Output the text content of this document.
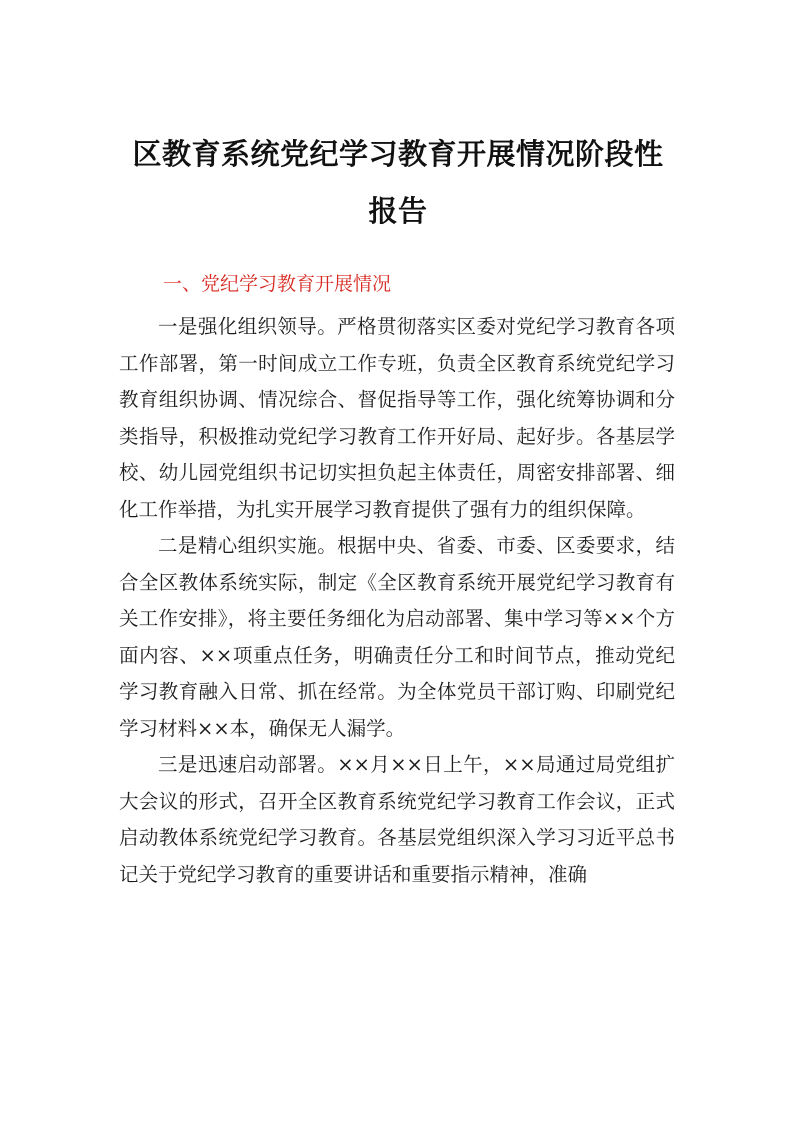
区教育系统党纪学习教育开展情况阶段性报告
一、党纪学习教育开展情况

一是强化组织领导。严格贯彻落实区委对党纪学习教育各项工作部署，第一时间成立工作专班，负责全区教育系统党纪学习教育组织协调、情况综合、督促指导等工作，强化统筹协调和分类指导，积极推动党纪学习教育工作开好局、起好步。各基层学校、幼儿园党组织书记切实担负起主体责任，周密安排部署、细化工作举措，为扎实开展学习教育提供了强有力的组织保障。

二是精心组织实施。根据中央、省委、市委、区委要求，结合全区教体系统实际，制定《全区教育系统开展党纪学习教育有关工作安排》，将主要任务细化为启动部署、集中学习等××个方面内容、××项重点任务，明确责任分工和时间节点，推动党纪学习教育融入日常、抓在经常。为全体党员干部订购、印刷党纪学习材料××本，确保无人漏学。

三是迅速启动部署。××月××日上午，××局通过局党组扩大会议的形式，召开全区教育系统党纪学习教育工作会议，正式启动教体系统党纪学习教育。各基层党组织深入学习习近平总书记关于党纪学习教育的重要讲话和重要指示精神，准确
